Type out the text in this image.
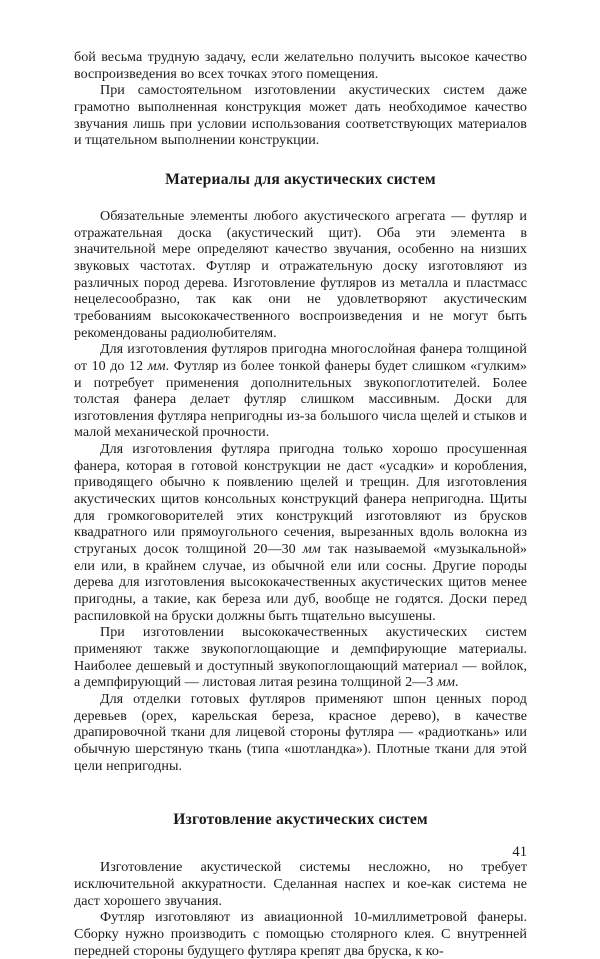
бой весьма трудную задачу, если желательно получить высокое качество воспроизведения во всех точках этого помещения.

При самостоятельном изготовлении акустических систем даже грамотно выполненная конструкция может дать необходимое качество звучания лишь при условии использования соответствующих материалов и тщательном выполнении конструкции.

Материалы для акустических систем

Обязательные элементы любого акустического агрегата — футляр и отражательная доска (акустический щит). Оба эти элемента в значительной мере определяют качество звучания, особенно на низших звуковых частотах. Футляр и отражательную доску изготовляют из различных пород дерева. Изготовление футляров из металла и пластмасс нецелесообразно, так как они не удовлетворяют акустическим требованиям высококачественного воспроизведения и не могут быть рекомендованы радиолюбителям.

Для изготовления футляров пригодна многослойная фанера толщиной от 10 до 12 мм. Футляр из более тонкой фанеры будет слишком «гулким» и потребует применения дополнительных звукопоглотителей. Более толстая фанера делает футляр слишком массивным. Доски для изготовления футляра непригодны из-за большого числа щелей и стыков и малой механической прочности.

Для изготовления футляра пригодна только хорошо просушенная фанера, которая в готовой конструкции не даст «усадки» и коробления, приводящего обычно к появлению щелей и трещин. Для изготовления акустических щитов консольных конструкций фанера непригодна. Щиты для громкоговорителей этих конструкций изготовляют из брусков квадратного или прямоугольного сечения, вырезанных вдоль волокна из струганых досок толщиной 20—30 мм так называемой «музыкальной» ели или, в крайнем случае, из обычной ели или сосны. Другие породы дерева для изготовления высококачественных акустических щитов менее пригодны, а такие, как береза или дуб, вообще не годятся. Доски перед распиловкой на бруски должны быть тщательно высушены.

При изготовлении высококачественных акустических систем применяют также звукопоглощающие и демпфирующие материалы. Наиболее дешевый и доступный звукопоглощающий материал — войлок, а демпфирующий — листовая литая резина толщиной 2—3 мм.

Для отделки готовых футляров применяют шпон ценных пород деревьев (орех, карельская береза, красное дерево), в качестве драпировочной ткани для лицевой стороны футляра — «радиоткань» или обычную шерстяную ткань (типа «шотландка»). Плотные ткани для этой цели непригодны.

Изготовление акустических систем

Изготовление акустической системы несложно, но требует исключительной аккуратности. Сделанная наспех и кое-как система не даст хорошего звучания.

Футляр изготовляют из авиационной 10-миллиметровой фанеры. Сборку нужно производить с помощью столярного клея. С внутренней передней стороны будущего футляра крепят два бруска, к ко-

41
